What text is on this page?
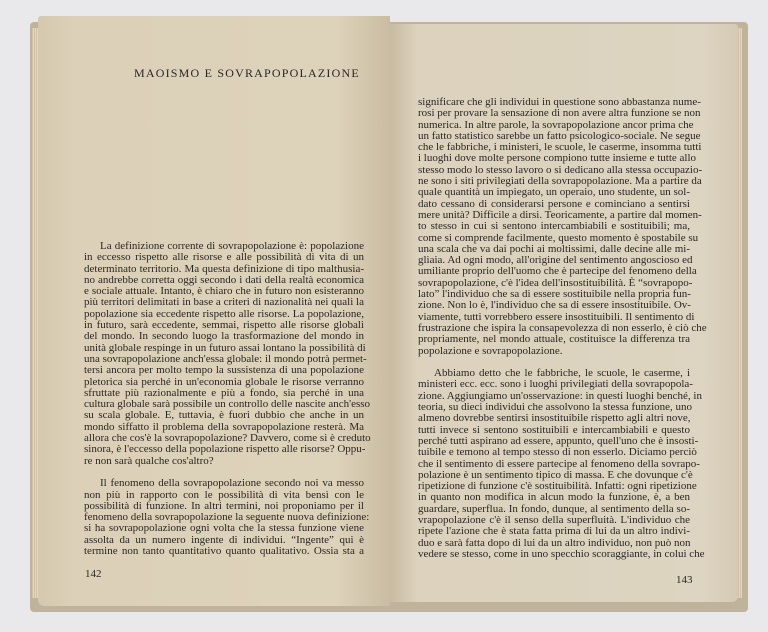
MAOISMO E SOVRAPOPOLAZIONE
La definizione corrente di sovrapopolazione è: popolazione
in eccesso rispetto alle risorse e alle possibilità di vita di un
determinato territorio. Ma questa definizione di tipo malthusia-
no andrebbe corretta oggi secondo i dati della realtà economica
e sociale attuale. Intanto, è chiaro che in futuro non esisteranno
più territori delimitati in base a criteri di nazionalità nei quali la
popolazione sia eccedente rispetto alle risorse. La popolazione,
in futuro, sarà eccedente, semmai, rispetto alle risorse globali
del mondo. In secondo luogo la trasformazione del mondo in
unità globale respinge in un futuro assai lontano la possibilità di
una sovrapopolazione anch'essa globale: il mondo potrà permet-
tersi ancora per molto tempo la sussistenza di una popolazione
pletorica sia perché in un'economia globale le risorse verranno
sfruttate più razionalmente e più a fondo, sia perché in una
cultura globale sarà possibile un controllo delle nascite anch'esso
su scala globale. E, tuttavia, è fuori dubbio che anche in un
mondo siffatto il problema della sovrapopolazione resterà. Ma
allora che cos'è la sovrapopolazione? Davvero, come si è creduto
sinora, è l'eccesso della popolazione rispetto alle risorse? Oppu-
re non sarà qualche cos'altro?
Il fenomeno della sovrapopolazione secondo noi va messo
non più in rapporto con le possibilità di vita bensì con le
possibilità di funzione. In altri termini, noi proponiamo per il
fenomeno della sovrapopolazione la seguente nuova definizione:
si ha sovrapopolazione ogni volta che la stessa funzione viene
assolta da un numero ingente di individui. “Ingente” qui è
termine non tanto quantitativo quanto qualitativo. Ossia sta a
142
significare che gli individui in questione sono abbastanza nume-
rosi per provare la sensazione di non avere altra funzione se non
numerica. In altre parole, la sovrapopolazione ancor prima che
un fatto statistico sarebbe un fatto psicologico-sociale. Ne segue
che le fabbriche, i ministeri, le scuole, le caserme, insomma tutti
i luoghi dove molte persone compiono tutte insieme e tutte allo
stesso modo lo stesso lavoro o si dedicano alla stessa occupazio-
ne sono i siti privilegiati della sovrapopolazione. Ma a partire da
quale quantità un impiegato, un operaio, uno studente, un sol-
dato cessano di considerarsi persone e cominciano a sentirsi
mere unità? Difficile a dirsi. Teoricamente, a partire dal momen-
to stesso in cui si sentono intercambiabili e sostituibili; ma,
come si comprende facilmente, questo momento è spostabile su
una scala che va dai pochi ai moltissimi, dalle decine alle mi-
gliaia. Ad ogni modo, all'origine del sentimento angoscioso ed
umiliante proprio dell'uomo che è partecipe del fenomeno della
sovrapopolazione, c'è l'idea dell'insostituibilità. È “sovrapopo-
lato” l'individuo che sa di essere sostituibile nella propria fun-
zione. Non lo è, l'individuo che sa di essere insostituibile. Ov-
viamente, tutti vorrebbero essere insostituibili. Il sentimento di
frustrazione che ispira la consapevolezza di non esserlo, è ciò che
propriamente, nel mondo attuale, costituisce la differenza tra
popolazione e sovrapopolazione.
Abbiamo detto che le fabbriche, le scuole, le caserme, i
ministeri ecc. ecc. sono i luoghi privilegiati della sovrapopola-
zione. Aggiungiamo un'osservazione: in questi luoghi benché, in
teoria, su dieci individui che assolvono la stessa funzione, uno
almeno dovrebbe sentirsi insostituibile rispetto agli altri nove,
tutti invece si sentono sostituibili e intercambiabili e questo
perché tutti aspirano ad essere, appunto, quell'uno che è insosti-
tuibile e temono al tempo stesso di non esserlo. Diciamo perciò
che il sentimento di essere partecipe al fenomeno della sovrapo-
polazione è un sentimento tipico di massa. E che dovunque c'è
ripetizione di funzione c'è sostituibilità. Infatti: ogni ripetizione
in quanto non modifica in alcun modo la funzione, è, a ben
guardare, superflua. In fondo, dunque, al sentimento della so-
vrapopolazione c'è il senso della superfluità. L'individuo che
ripete l'azione che è stata fatta prima di lui da un altro indivi-
duo e sarà fatta dopo di lui da un altro individuo, non può non
vedere se stesso, come in uno specchio scoraggiante, in colui che
143
